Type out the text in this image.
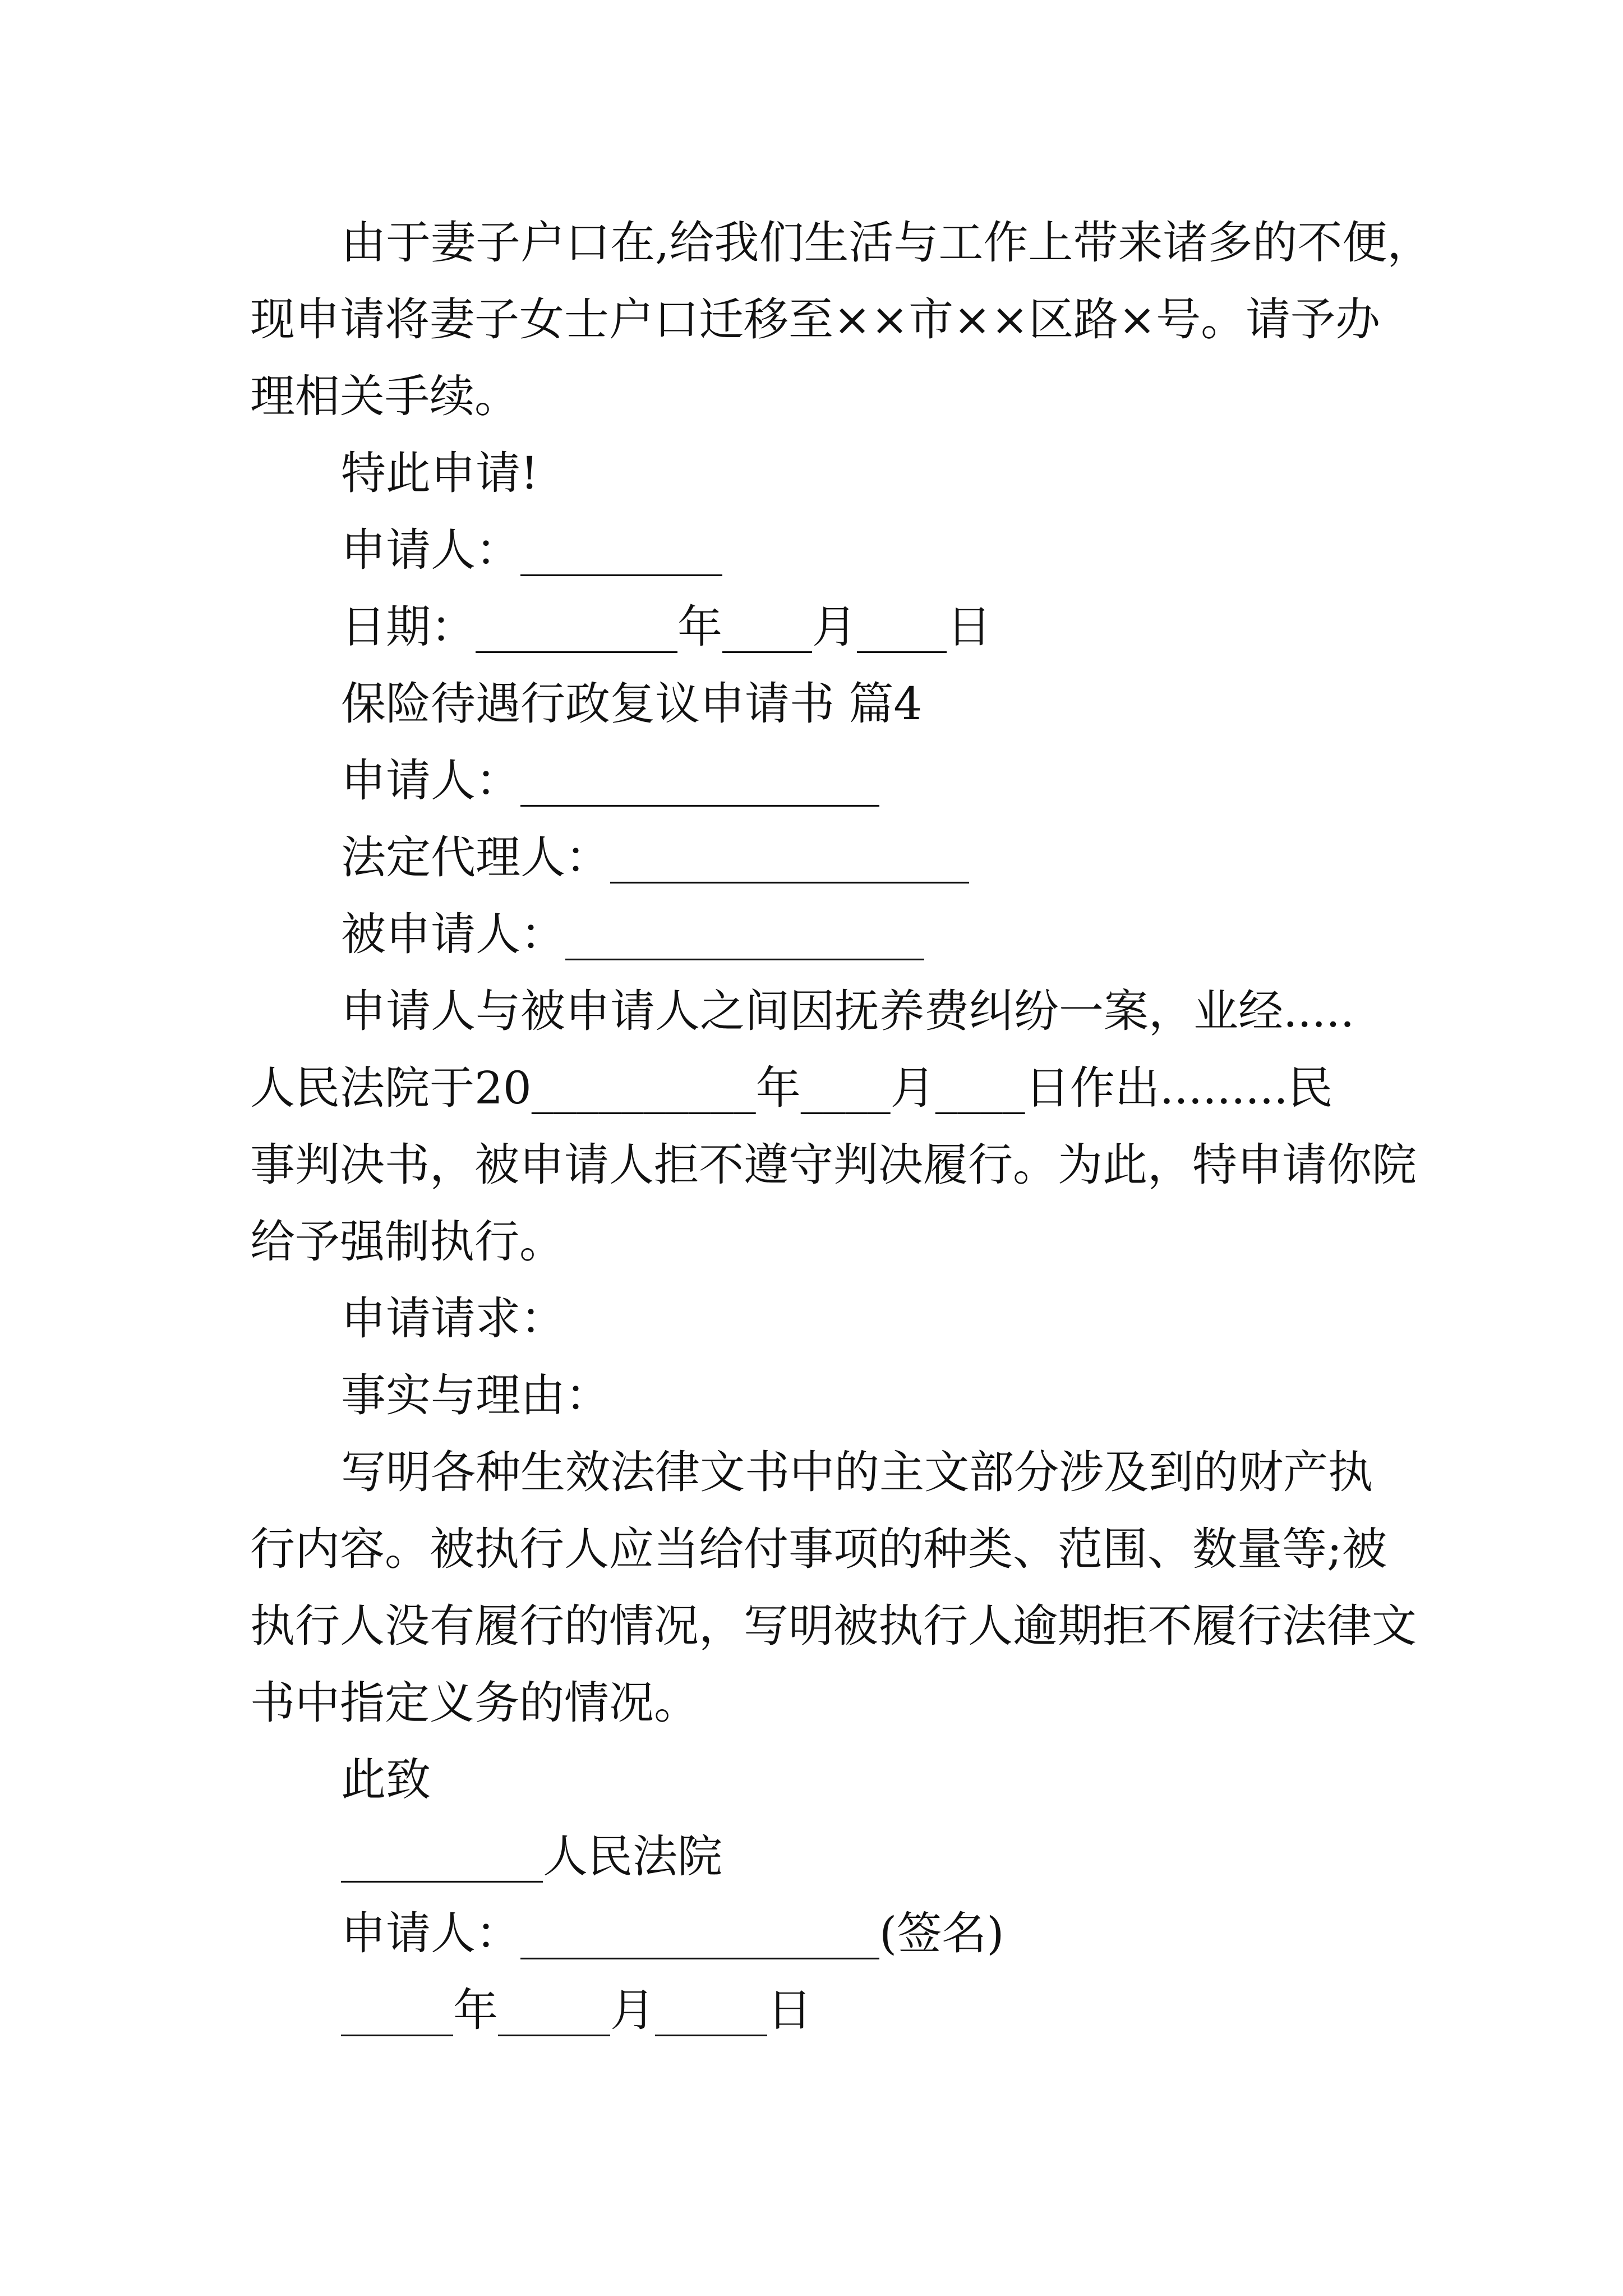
由于妻子户口在,给我们生活与工作上带来诸多的不便，
现申请将妻子女士户口迁移至××市××区路×号。请予办
理相关手续。
特此申请!
申请人：_________
日期：_________年____月____日
保险待遇行政复议申请书 篇4
申请人：________________
法定代理人：________________
被申请人：________________
申请人与被申请人之间因抚养费纠纷一案，业经.....
人民法院于20__________年____月____日作出.........民
事判决书，被申请人拒不遵守判决履行。为此，特申请你院
给予强制执行。
申请请求：
事实与理由：
写明各种生效法律文书中的主文部分涉及到的财产执
行内容。被执行人应当给付事项的种类、范围、数量等;被
执行人没有履行的情况，写明被执行人逾期拒不履行法律文
书中指定义务的情况。
此致
_________人民法院
申请人：________________(签名)
_____年_____月_____日
